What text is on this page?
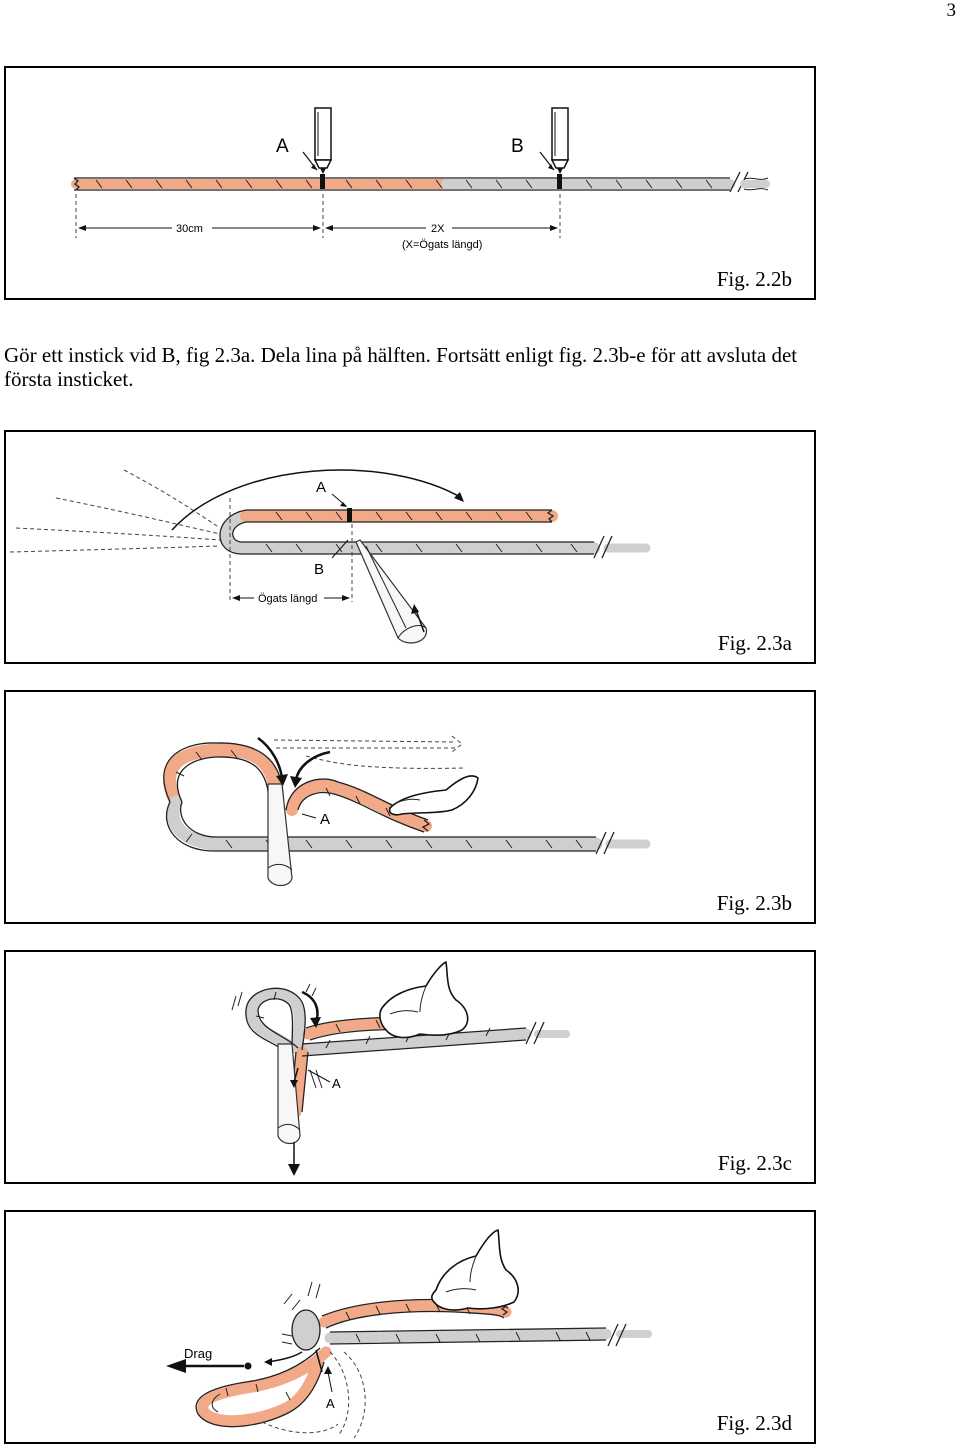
3
A	B
30cm	2X
(X=Ögats längd)
Fig. 2.2b

Gör ett instick vid B, fig 2.3a. Dela lina på hälften. Fortsätt enligt fig. 2.3b-e för att avsluta det första insticket.

Ögats längd
A
B
Fig. 2.3a
A
Fig. 2.3b
A
Fig. 2.3c
Drag
A
Fig. 2.3d
